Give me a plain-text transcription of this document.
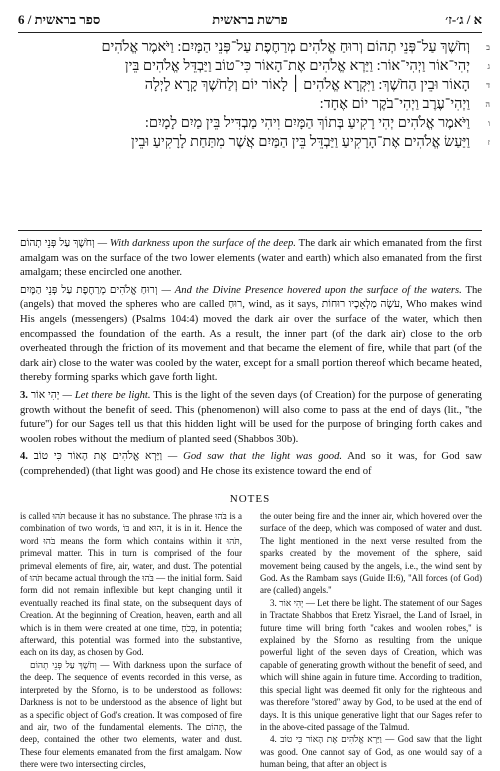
6 / ספר בראשית	פרשת בראשית	א / ג׳-ז׳
ב
וְחֹשֶׁךְ עַל־פְּנֵי תְהוֹם וְרוּחַ אֱלֹהִים מְרַחֶפֶת עַל־פְּנֵי הַמָּיִם: וַיֹּאמֶר אֱלֹהִים
ג
יְהִי־אוֹר וַיְהִי־אוֹר: וַיַּרְא אֱלֹהִים אֶת־הָאוֹר כִּי־טוֹב וַיַּבְדֵּל אֱלֹהִים בֵּין
ד
הָאוֹר וּבֵין הַחֹשֶׁךְ: וַיִּקְרָא אֱלֹהִים ׀ לָאוֹר יוֹם וְלַחֹשֶׁךְ קָרָא לָיְלָה
ה
וַיְהִי־עֶרֶב וַיְהִי־בֹקֶר יוֹם אֶחָד:
ו
וַיֹּאמֶר אֱלֹהִים יְהִי רָקִיעַ בְּתוֹךְ הַמָּיִם וִיהִי מַבְדִּיל בֵּין מַיִם לָמָיִם:
ז
וַיַּעַשׂ אֱלֹהִים אֶת־הָרָקִיעַ וַיַּבְדֵּל בֵּין הַמַּיִם אֲשֶׁר מִתַּחַת לָרָקִיעַ וּבֵין

וְחֹשֶׁךְ עַל פְּנֵי תְהוֹם — With darkness upon the surface of the deep. The dark air which emanated from the first amalgam was on the surface of the two lower elements (water and earth) which also emanated from the first amalgam; these encircled one another.

וְרוּחַ אֱלֹהִים מְרַחֶפֶת עַל פְּנֵי הַמָּיִם — And the Divine Presence hovered upon the surface of the waters. The (angels) that moved the spheres who are called רוּחַ, wind, as it says, עֹשֶׂה מַלְאָכָיו רוּחוֹת, Who makes wind His angels (messengers) (Psalms 104:4) moved the dark air over the surface of the water, which then encompassed the foundation of the earth. As a result, the inner part (of the dark air) close to the orb overheated through the friction of its movement and that became the element of fire, while that part (of the dark air) close to the water was cooled by the water, except for a small portion thereof which became heated, thereby forming sparks which gave forth light.

3. יְהִי אוֹר — Let there be light. This is the light of the seven days (of Creation) for the purpose of generating growth without the benefit of seed. This (phenomenon) will also come to pass at the end of days (lit., ''the future'') for our Sages tell us that this hidden light will be used for the purpose of bringing forth cakes and woolen robes without the medium of planted seed (Shabbos 30b).

4. וַיַּרְא אֱלֹהִים אֶת הָאוֹר כִּי טוֹב — God saw that the light was good. And so it was, for God saw (comprehended) (that light was good) and He chose its existence toward the end of

NOTES

is called תֹּהוּ because it has no substance. The phrase בֹּהוּ is a combination of two words, בּוֹ and הוּא, it is in it. Hence the word בֹּהוּ means the form which contains within it תֹּהוּ, primeval matter. This in turn is comprised of the four primeval elements of fire, air, water, and dust. The potential of תֹּהוּ became actual through the בֹּהוּ — the initial form. Said form did not remain inflexible but kept changing until it eventually reached its final state, on the subsequent days of Creation. At the beginning of Creation, heaven, earth and all which is in them were created at one time, בְּכֹחַ, in potentia; afterward, this potential was formed into the substantive, each on its day, as chosen by God.

וְחֹשֶׁךְ עַל פְּנֵי תְהוֹם — With darkness upon the surface of the deep. The sequence of events recorded in this verse, as interpreted by the Sforno, is to be understood as follows: Darkness is not to be understood as the absence of light but as a specific object of God's creation. It was composed of fire and air, two of the fundamental elements. The תְּהוֹם, the deep, contained the other two elements, water and dust. These four elements emanated from the first amalgam. Now there were two intersecting circles,

the outer being fire and the inner air, which hovered over the surface of the deep, which was composed of water and dust. The light mentioned in the next verse resulted from the sparks created by the movement of the sphere, said movement being caused by the angels, i.e., the wind sent by God. As the Rambam says (Guide II:6), ''All forces (of God) are (called) angels.''

3. יְהִי אוֹר — Let there be light. The statement of our Sages in Tractate Shabbos that Eretz Yisrael, the Land of Israel, in future time will bring forth ''cakes and woolen robes,'' is explained by the Sforno as resulting from the unique powerful light of the seven days of Creation, which was capable of generating growth without the benefit of seed, and which will shine again in future time. According to tradition, this special light was deemed fit only for the righteous and was therefore ''stored'' away by God, to be used at the end of days. It is this unique generative light that our Sages refer to in the above-cited passage of the Talmud.

4. וַיַּרְא אֱלֹהִים אֶת הָאוֹר כִּי טוֹב — God saw that the light was good. One cannot say of God, as one would say of a human being, that after an object is
